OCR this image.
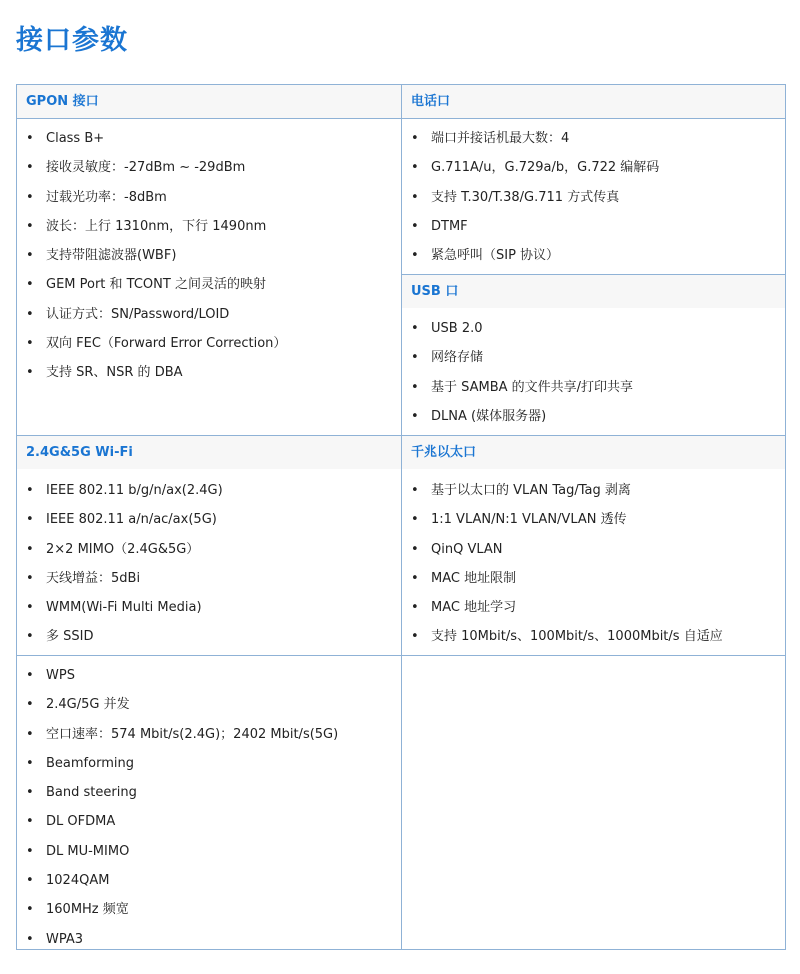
接口参数
GPON 接口
• Class B+
• 接收灵敏度：-27dBm ~ -29dBm
• 过载光功率：-8dBm
• 波长：上行 1310nm，下行 1490nm
• 支持带阻滤波器(WBF)
• GEM Port 和 TCONT 之间灵活的映射
• 认证方式：SN/Password/LOID
• 双向 FEC（Forward Error Correction）
• 支持 SR、NSR 的 DBA
电话口
• 端口并接话机最大数：4
• G.711A/u，G.729a/b，G.722 编解码
• 支持 T.30/T.38/G.711 方式传真
• DTMF
• 紧急呼叫（SIP 协议）
USB 口
• USB 2.0
• 网络存储
• 基于 SAMBA 的文件共享/打印共享
• DLNA (媒体服务器)
2.4G&5G Wi-Fi
• IEEE 802.11 b/g/n/ax(2.4G)
• IEEE 802.11 a/n/ac/ax(5G)
• 2×2 MIMO（2.4G&5G）
• 天线增益：5dBi
• WMM(Wi-Fi Multi Media)
• 多 SSID
• WPS
• 2.4G/5G 并发
• 空口速率：574 Mbit/s(2.4G)；2402 Mbit/s(5G)
• Beamforming
• Band steering
• DL OFDMA
• DL MU-MIMO
• 1024QAM
• 160MHz 频宽
• WPA3
千兆以太口
• 基于以太口的 VLAN Tag/Tag 剥离
• 1:1 VLAN/N:1 VLAN/VLAN 透传
• QinQ VLAN
• MAC 地址限制
• MAC 地址学习
• 支持 10Mbit/s、100Mbit/s、1000Mbit/s 自适应
